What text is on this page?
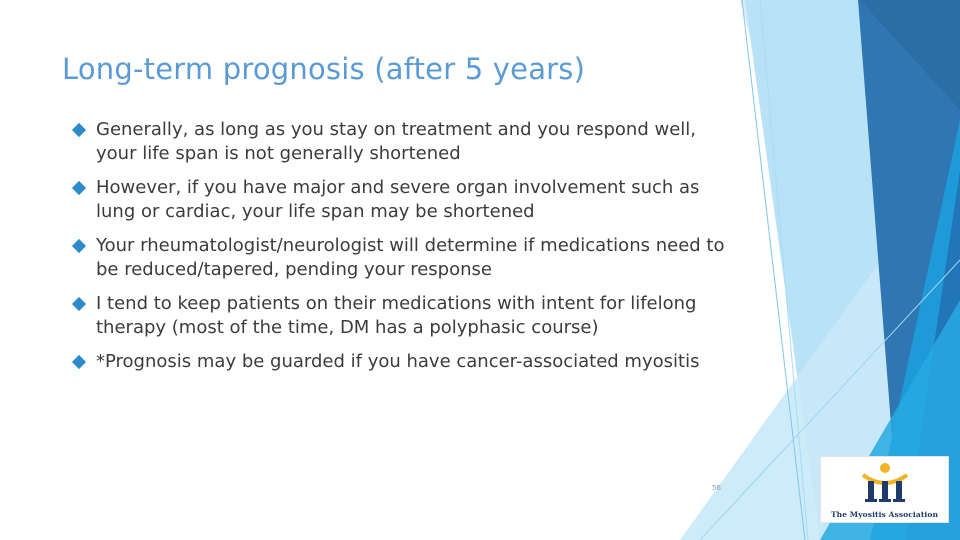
Long-term prognosis (after 5 years)
Generally, as long as you stay on treatment and you respond well, your life span is not generally shortened
However, if you have major and severe organ involvement such as lung or cardiac, your life span may be shortened
Your rheumatologist/neurologist will determine if medications need to be reduced/tapered, pending your response
I tend to keep patients on their medications with intent for lifelong therapy (most of the time, DM has a polyphasic course)
*Prognosis may be guarded if you have cancer-associated myositis
56
The Myositis Association
